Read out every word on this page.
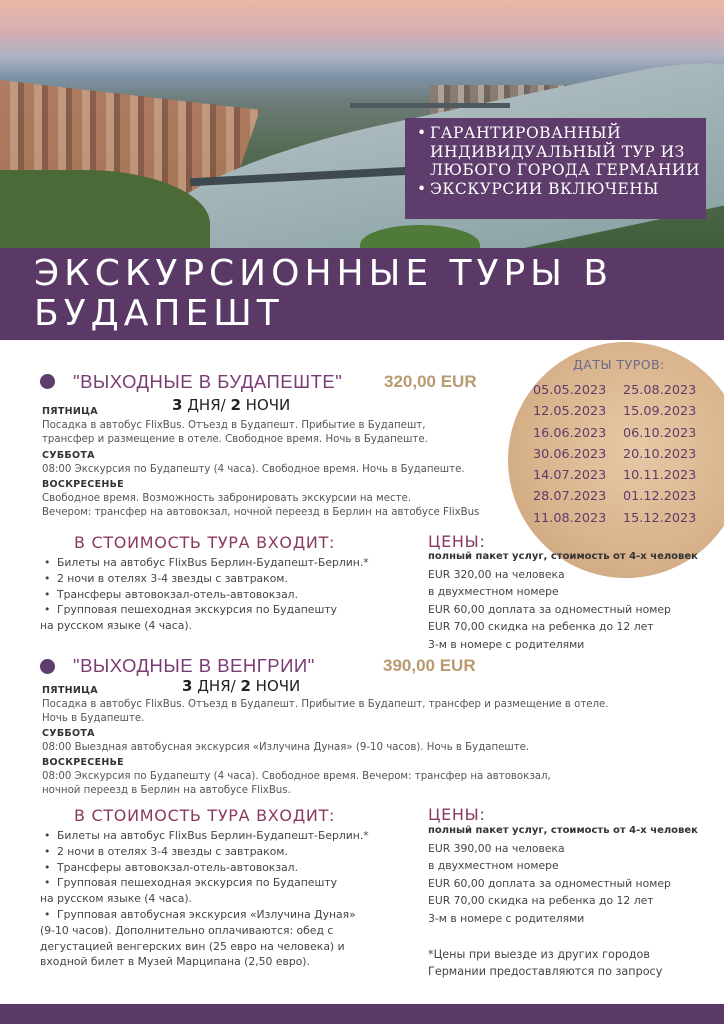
• ГАРАНТИРОВАННЫЙ
ИНДИВИДУАЛЬНЫЙ ТУР ИЗ
ЛЮБОГО ГОРОДА ГЕРМАНИИ
• ЭКСКУРСИИ ВКЛЮЧЕНЫ
ЭКСКУРСИОННЫЕ ТУРЫ В
БУДАПЕШТ
ДАТЫ ТУРОВ:
05.05.2023
12.05.2023
16.06.2023
30.06.2023
14.07.2023
28.07.2023
11.08.2023
25.08.2023
15.09.2023
06.10.2023
20.10.2023
10.11.2023
01.12.2023
15.12.2023
"ВЫХОДНЫЕ В БУДАПЕШТЕ" 320,00 EUR
3 ДНЯ/ 2 НОЧИ
ПЯТНИЦА
Посадка в автобус FlixBus. Отъезд в Будапешт. Прибытие в Будапешт,
трансфер и размещение в отеле. Свободное время. Ночь в Будапеште.
СУББОТА
08:00 Экскурсия по Будапешту (4 часа). Свободное время. Ночь в Будапеште.
ВОСКРЕСЕНЬЕ
Свободное время. Возможность забронировать экскурсии на месте.
Вечером: трансфер на автовокзал, ночной переезд в Берлин на автобусе FlixBus
В СТОИМОСТЬ ТУРА ВХОДИТ:
• Билеты на автобус FlixBus Берлин-Будапешт-Берлин.*
• 2 ночи в отелях 3-4 звезды с завтраком.
• Трансферы автовокзал-отель-автовокзал.
• Групповая пешеходная экскурсия по Будапешту
на русском языке (4 часа).
ЦЕНЫ:
полный пакет услуг, стоимость от 4-х человек
EUR 320,00 на человека
в двухместном номере
EUR 60,00 доплата за одноместный номер
EUR 70,00 скидка на ребенка до 12 лет
3-м в номере с родителями
"ВЫХОДНЫЕ В ВЕНГРИИ"	390,00 EUR
3 ДНЯ/ 2 НОЧИ
ПЯТНИЦА
Посадка в автобус FlixBus. Отъезд в Будапешт. Прибытие в Будапешт, трансфер и размещение в отеле.
Ночь в Будапеште.
СУББОТА
08:00 Выездная автобусная экскурсия «Излучина Дуная» (9-10 часов). Ночь в Будапеште.
ВОСКРЕСЕНЬЕ
08:00 Экскурсия по Будапешту (4 часа). Свободное время. Вечером: трансфер на автовокзал,
ночной переезд в Берлин на автобусе FlixBus.
В СТОИМОСТЬ ТУРА ВХОДИТ:
• Билеты на автобус FlixBus Берлин-Будапешт-Берлин.*
• 2 ночи в отелях 3-4 звезды с завтраком.
• Трансферы автовокзал-отель-автовокзал.
• Групповая пешеходная экскурсия по Будапешту
на русском языке (4 часа).
• Групповая автобусная экскурсия «Излучина Дуная»
(9-10 часов). Дополнительно оплачиваются: обед с
дегустацией венгерских вин (25 евро на человека) и
входной билет в Музей Марципана (2,50 евро).
ЦЕНЫ:
полный пакет услуг, стоимость от 4-х человек
EUR 390,00 на человека
в двухместном номере
EUR 60,00 доплата за одноместный номер
EUR 70,00 скидка на ребенка до 12 лет
3-м в номере с родителями
*Цены при выезде из других городов
Германии предоставляются по запросу
